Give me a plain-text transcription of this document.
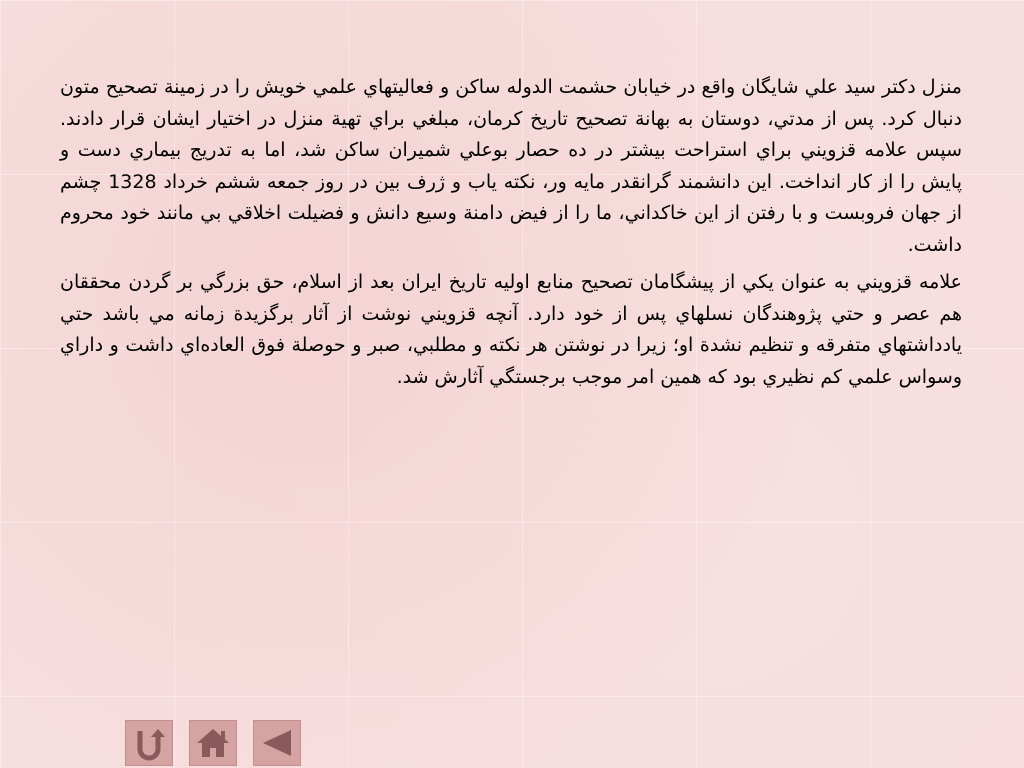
منزل دكتر سيد علي شايگان واقع در خيابان حشمت الدوله ساكن و فعاليتهاي علمي خويش را در زمينة تصحيح متون دنبال كرد. پس از مدتي، دوستان به بهانة تصحيح تاريخ كرمان، مبلغي براي تهية منزل در اختيار ايشان قرار دادند. سپس علامه قزويني براي استراحت بيشتر در ده حصار بوعلي شميران ساكن شد، اما به تدريج بيماري دست و پايش را از كار انداخت. اين دانشمند گرانقدر مايه ور، نكته ياب و ژرف بين در روز جمعه ششم خرداد 1328 چشم از جهان فروبست و با رفتن از اين خاكداني، ما را از فيض دامنة وسيع دانش و فضيلت اخلاقي بي مانند خود محروم داشت.

علامه قزويني به عنوان يكي از پيشگامان تصحيح منابع اوليه تاريخ ايران بعد از اسلام، حق بزرگي بر گردن محققان هم عصر و حتي پژوهندگان نسلهاي پس از خود دارد. آنچه قزويني نوشت از آثار برگزيدة زمانه مي باشد حتي يادداشتهاي متفرقه و تنظيم نشدة او؛ زيرا در نوشتن هر نكته و مطلبي، صبر و حوصلة فوق العاده‌اي داشت و داراي وسواس علمي كم نظيري بود كه همين امر موجب برجستگي آثارش شد.
